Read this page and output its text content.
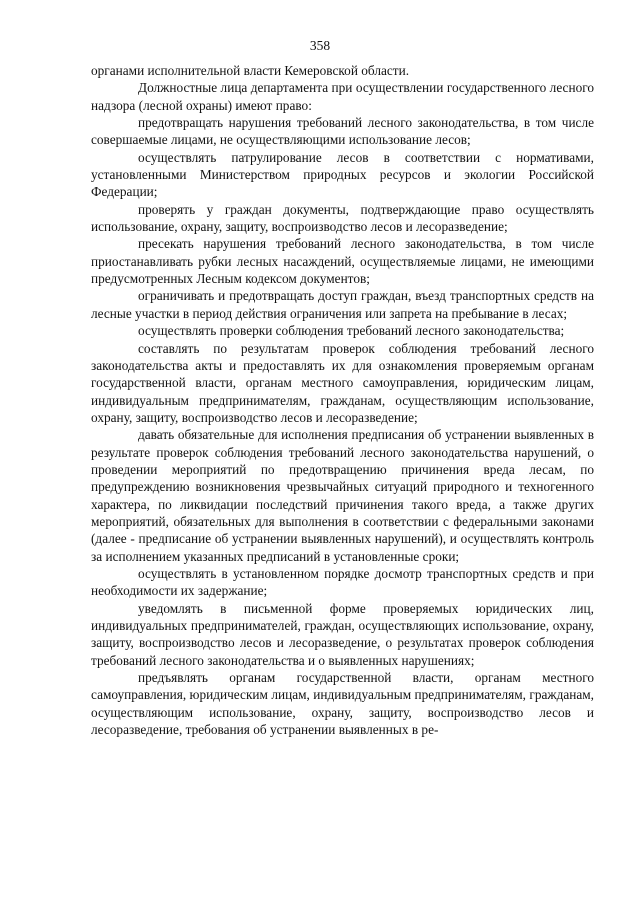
358

органами исполнительной власти Кемеровской области.

Должностные лица департамента при осуществлении государственного лесного надзора (лесной охраны) имеют право:

предотвращать нарушения требований лесного законодательства, в том числе совершаемые лицами, не осуществляющими использование лесов;

осуществлять патрулирование лесов в соответствии с нормативами, установленными Министерством природных ресурсов и экологии Российской Федерации;

проверять у граждан документы, подтверждающие право осуществлять использование, охрану, защиту, воспроизводство лесов и лесоразведение;

пресекать нарушения требований лесного законодательства, в том числе приостанавливать рубки лесных насаждений, осуществляемые лицами, не имеющими предусмотренных Лесным кодексом документов;

ограничивать и предотвращать доступ граждан, въезд транспортных средств на лесные участки в период действия ограничения или запрета на пребывание в лесах;

осуществлять проверки соблюдения требований лесного законодательства;

составлять по результатам проверок соблюдения требований лесного законодательства акты и предоставлять их для ознакомления проверяемым органам государственной власти, органам местного самоуправления, юридическим лицам, индивидуальным предпринимателям, гражданам, осуществляющим использование, охрану, защиту, воспроизводство лесов и лесоразведение;

давать обязательные для исполнения предписания об устранении выявленных в результате проверок соблюдения требований лесного законодательства нарушений, о проведении мероприятий по предотвращению причинения вреда лесам, по предупреждению возникновения чрезвычайных ситуаций природного и техногенного характера, по ликвидации последствий причинения такого вреда, а также других мероприятий, обязательных для выполнения в соответствии с федеральными законами (далее - предписание об устранении выявленных нарушений), и осуществлять контроль за исполнением указанных предписаний в установленные сроки;

осуществлять в установленном порядке досмотр транспортных средств и при необходимости их задержание;

уведомлять в письменной форме проверяемых юридических лиц, индивидуальных предпринимателей, граждан, осуществляющих использование, охрану, защиту, воспроизводство лесов и лесоразведение, о результатах проверок соблюдения требований лесного законодательства и о выявленных нарушениях;

предъявлять органам государственной власти, органам местного самоуправления, юридическим лицам, индивидуальным предпринимателям, гражданам, осуществляющим использование, охрану, защиту, воспроизводство лесов и лесоразведение, требования об устранении выявленных в ре-
